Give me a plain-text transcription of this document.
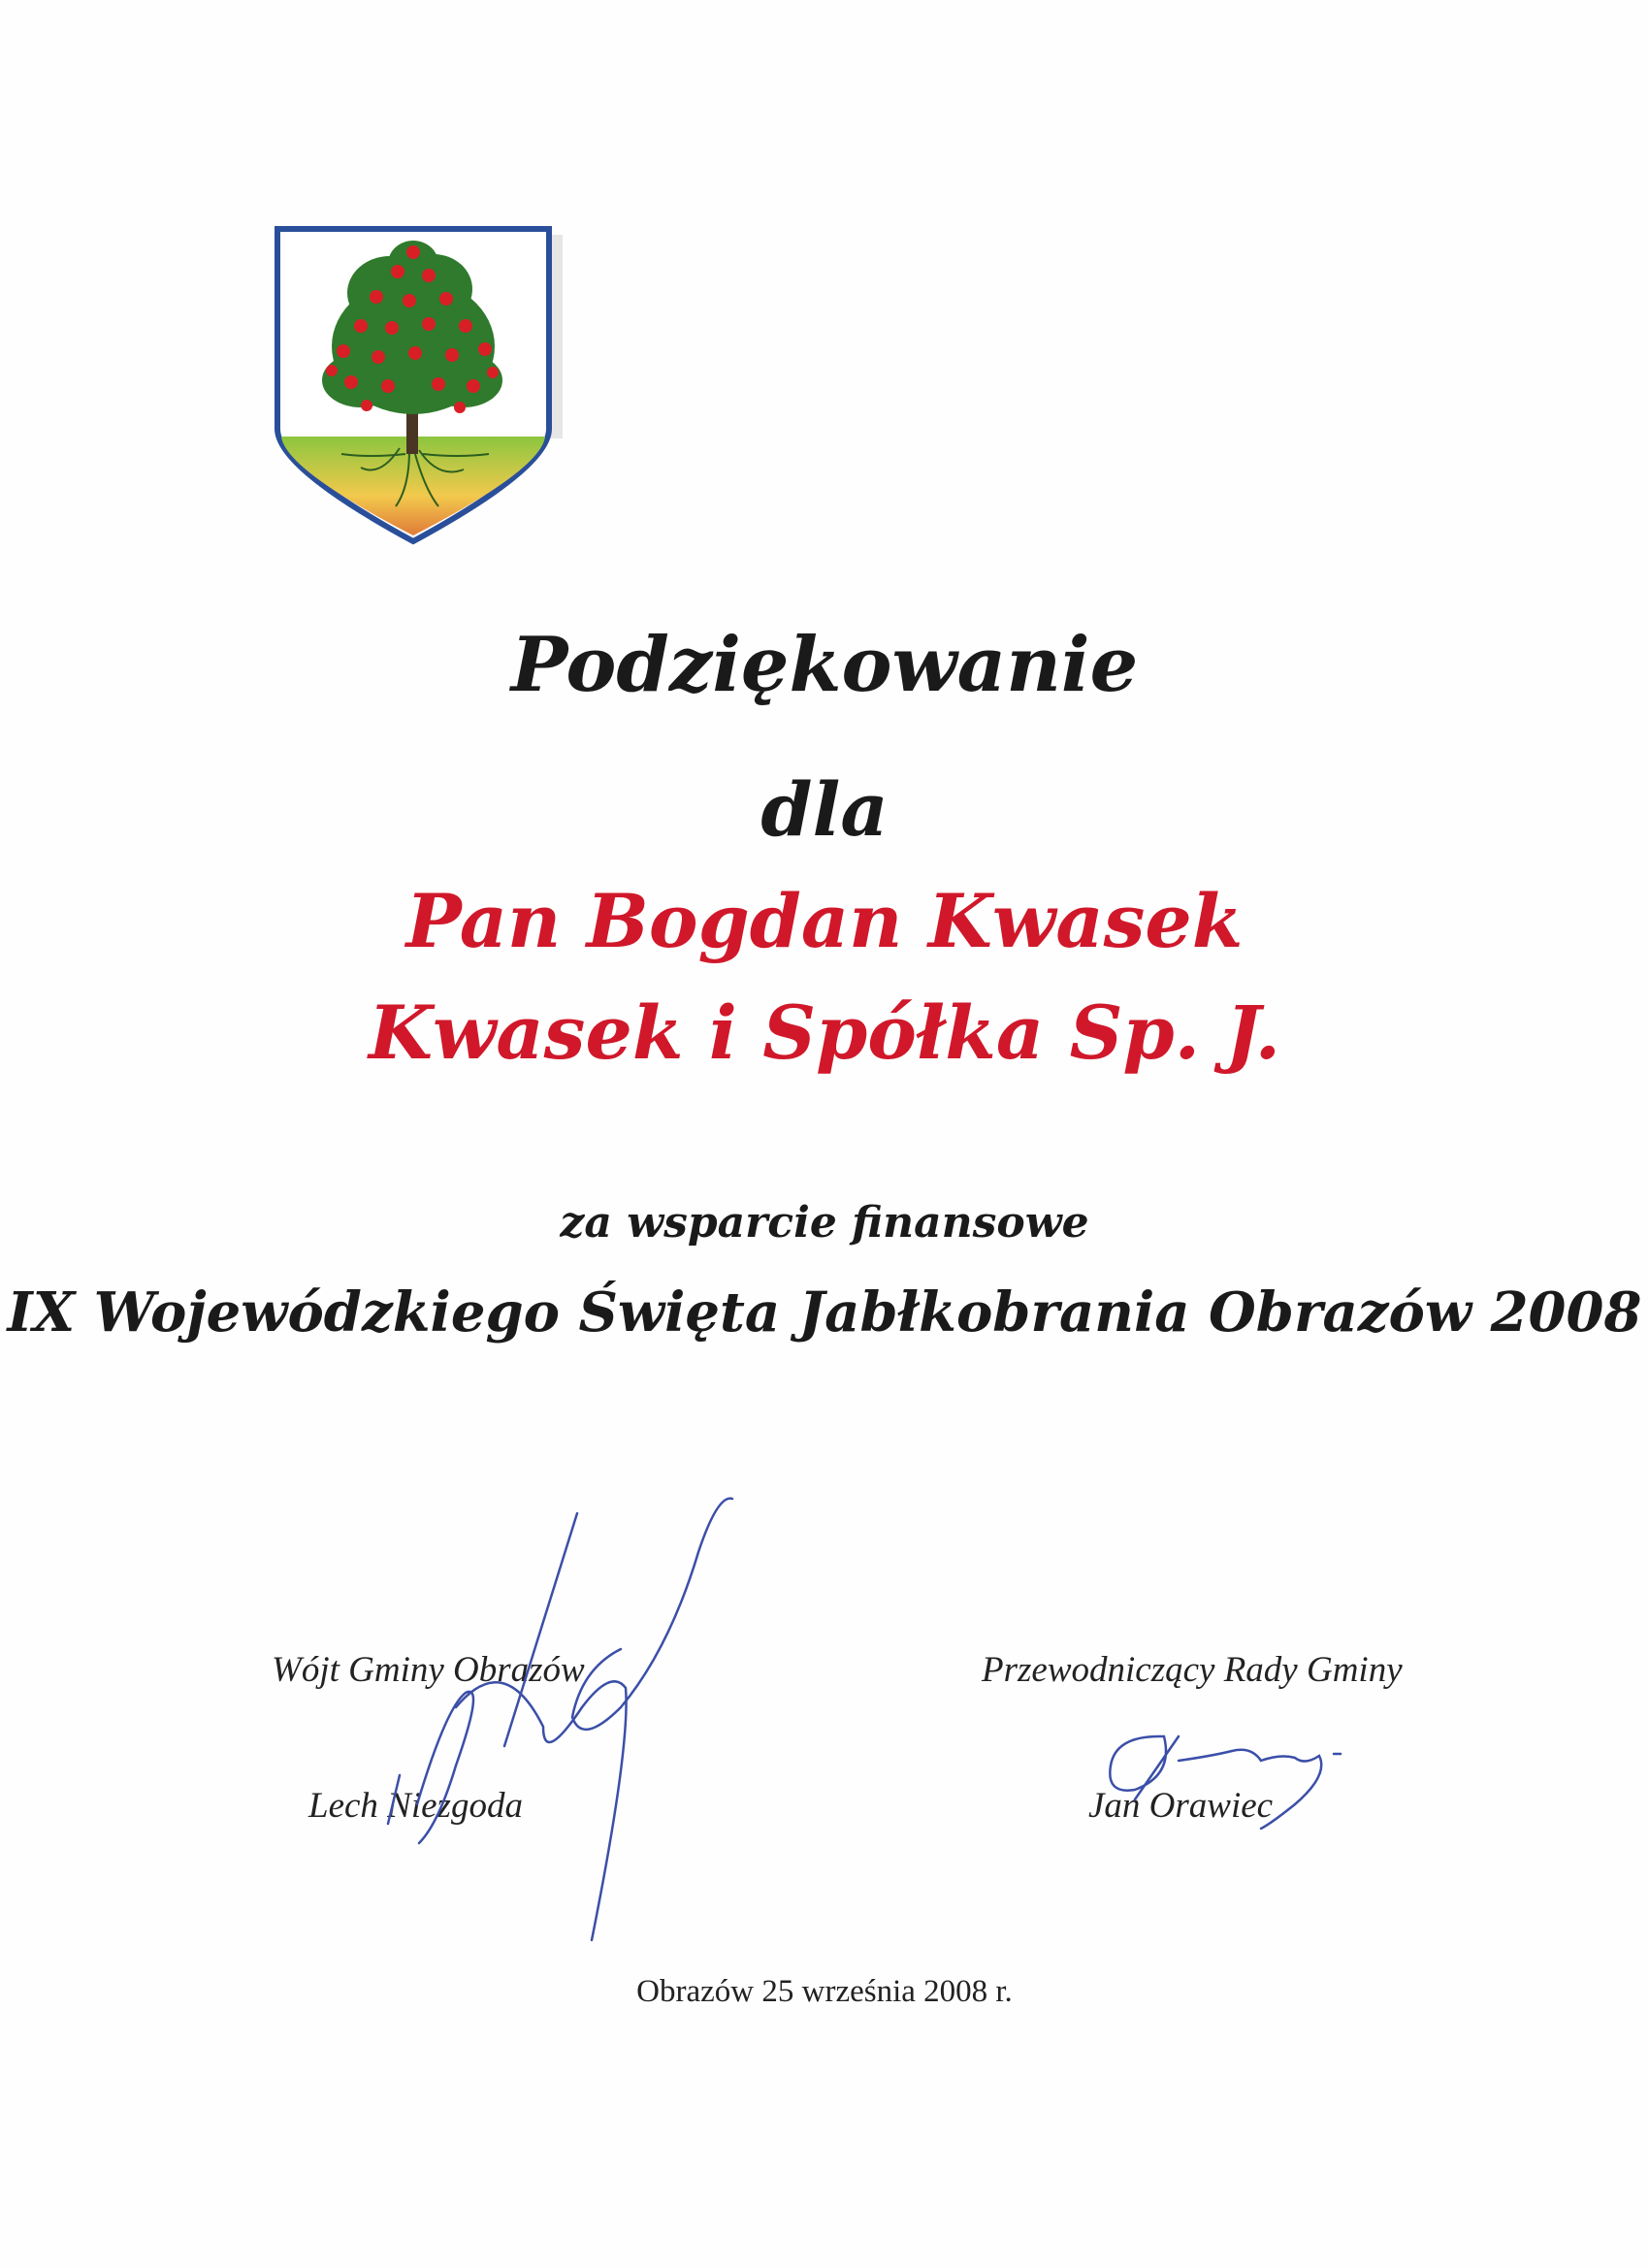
Podziękowanie
dla
Pan Bogdan Kwasek
Kwasek i Spółka Sp. J.
za wsparcie finansowe
IX Wojewódzkiego Święta Jabłkobrania Obrazów 2008
Wójt Gminy Obrazów
Lech Niezgoda
Przewodniczący Rady Gminy
Jan Orawiec
Obrazów 25 września 2008 r.
